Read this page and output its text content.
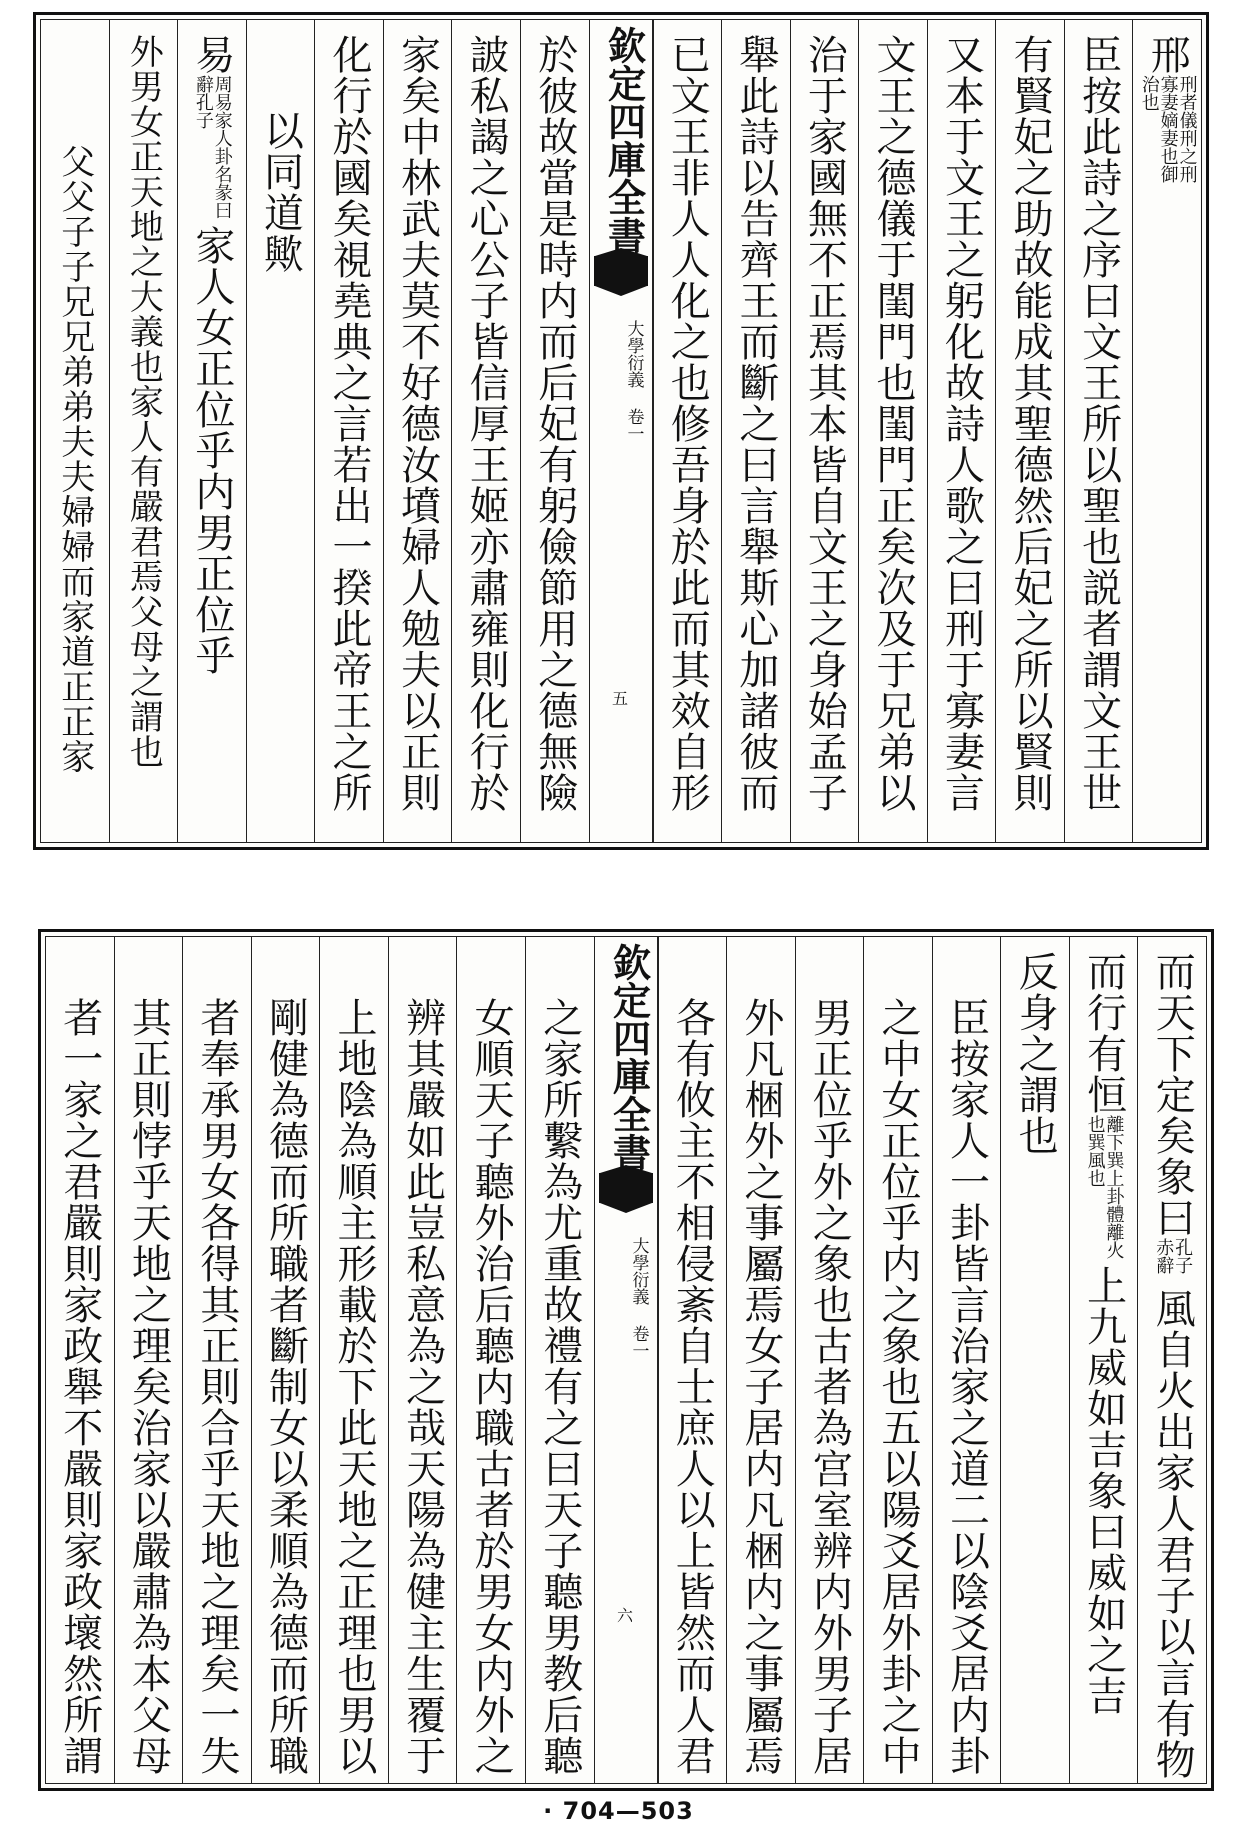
邢
刑者儀刑之刑寡妻嫡妻也御治也
臣按此詩之序曰文王所以聖也説者謂文王世
有賢妃之助故能成其聖德然后妃之所以賢則
又本于文王之躬化故詩人歌之曰刑于寡妻言
文王之德儀于閨門也閨門正矣次及于兄弟以
治于家國無不正焉其本皆自文王之身始孟子
舉此詩以告齊王而斷之曰言舉斯心加諸彼而
已文王非人人化之也修吾身於此而其效自形
欽定四庫全書
大學衍義 卷一
五
於彼故當是時内而后妃有躬儉節用之德無險
詖私謁之心公子皆信厚王姬亦肅雍則化行於
家矣中林武夫莫不好德汝墳婦人勉夫以正則
化行於國矣視堯典之言若出一揆此帝王之所
以同道歟
易
周易家人卦名彖曰辭孔子
家人女正位乎内男正位乎
外男女正天地之大義也家人有嚴君焉父母之謂也
父父子子兄兄弟弟夫夫婦婦而家道正正家
而天下定矣象曰
孔子赤辭
風自火出家人君子以言有物
而行有恒
離下巽上卦體離火也巽風也
上九威如吉象曰威如之吉
反身之謂也
臣按家人一卦皆言治家之道二以陰爻居内卦
之中女正位乎内之象也五以陽爻居外卦之中
男正位乎外之象也古者為宫室辨内外男子居
外凡梱外之事屬焉女子居内凡梱内之事屬焉
各有攸主不相侵紊自士庶人以上皆然而人君
欽定四庫全書
大學衍義 卷一
六
之家所繫為尤重故禮有之曰天子聽男教后聽
女順天子聽外治后聽内職古者於男女内外之
辨其嚴如此豈私意為之哉天陽為健主生覆于
上地陰為順主形載於下此天地之正理也男以
剛健為德而所職者斷制女以柔順為德而所職
者奉承男女各得其正則合乎天地之理矣一失
其正則悖乎天地之理矣治家以嚴肅為本父母
者一家之君嚴則家政舉不嚴則家政壞然所謂
· 704—503
